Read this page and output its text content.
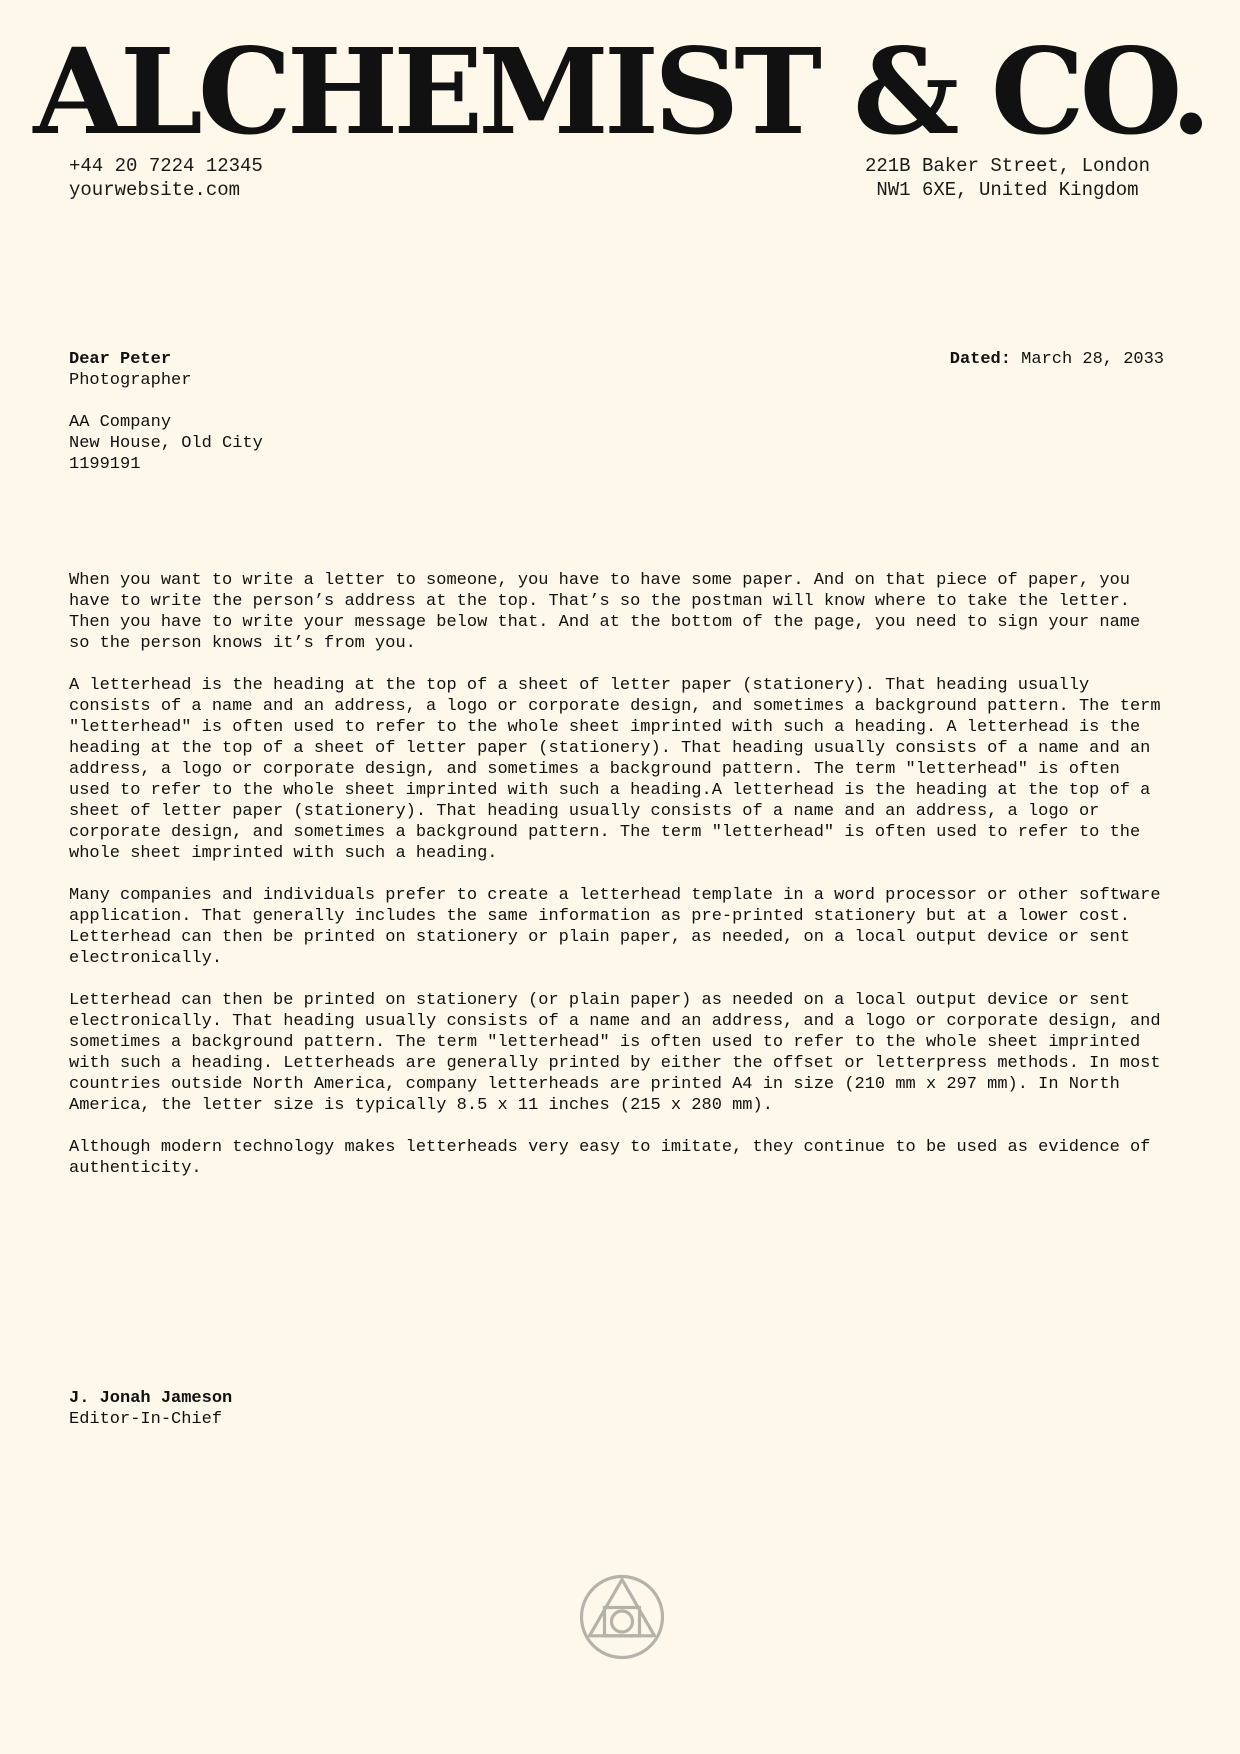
ALCHEMIST & CO.
+44 20 7224 12345
yourwebsite.com
221B Baker Street, London
NW1 6XE, United Kingdom
Dear Peter
Photographer
AA Company
New House, Old City
1199191
Dated: March 28, 2033

When you want to write a letter to someone, you have to have some paper. And on that piece of paper, you have to write the person’s address at the top. That’s so the postman will know where to take the letter. Then you have to write your message below that. And at the bottom of the page, you need to sign your name so the person knows it’s from you.

A letterhead is the heading at the top of a sheet of letter paper (stationery). That heading usually consists of a name and an address, a logo or corporate design, and sometimes a background pattern. The term "letterhead" is often used to refer to the whole sheet imprinted with such a heading. A letterhead is the heading at the top of a sheet of letter paper (stationery). That heading usually consists of a name and an address, a logo or corporate design, and sometimes a background pattern. The term "letterhead" is often used to refer to the whole sheet imprinted with such a heading.A letterhead is the heading at the top of a sheet of letter paper (stationery). That heading usually consists of a name and an address, a logo or corporate design, and sometimes a background pattern. The term "letterhead" is often used to refer to the whole sheet imprinted with such a heading.

Many companies and individuals prefer to create a letterhead template in a word processor or other software application. That generally includes the same information as pre-printed stationery but at a lower cost. Letterhead can then be printed on stationery or plain paper, as needed, on a local output device or sent electronically.

Letterhead can then be printed on stationery (or plain paper) as needed on a local output device or sent electronically. That heading usually consists of a name and an address, and a logo or corporate design, and sometimes a background pattern. The term "letterhead" is often used to refer to the whole sheet imprinted with such a heading. Letterheads are generally printed by either the offset or letterpress methods. In most countries outside North America, company letterheads are printed A4 in size (210 mm x 297 mm). In North America, the letter size is typically 8.5 x 11 inches (215 x 280 mm).

Although modern technology makes letterheads very easy to imitate, they continue to be used as evidence of authenticity.

J. Jonah Jameson
Editor-In-Chief
